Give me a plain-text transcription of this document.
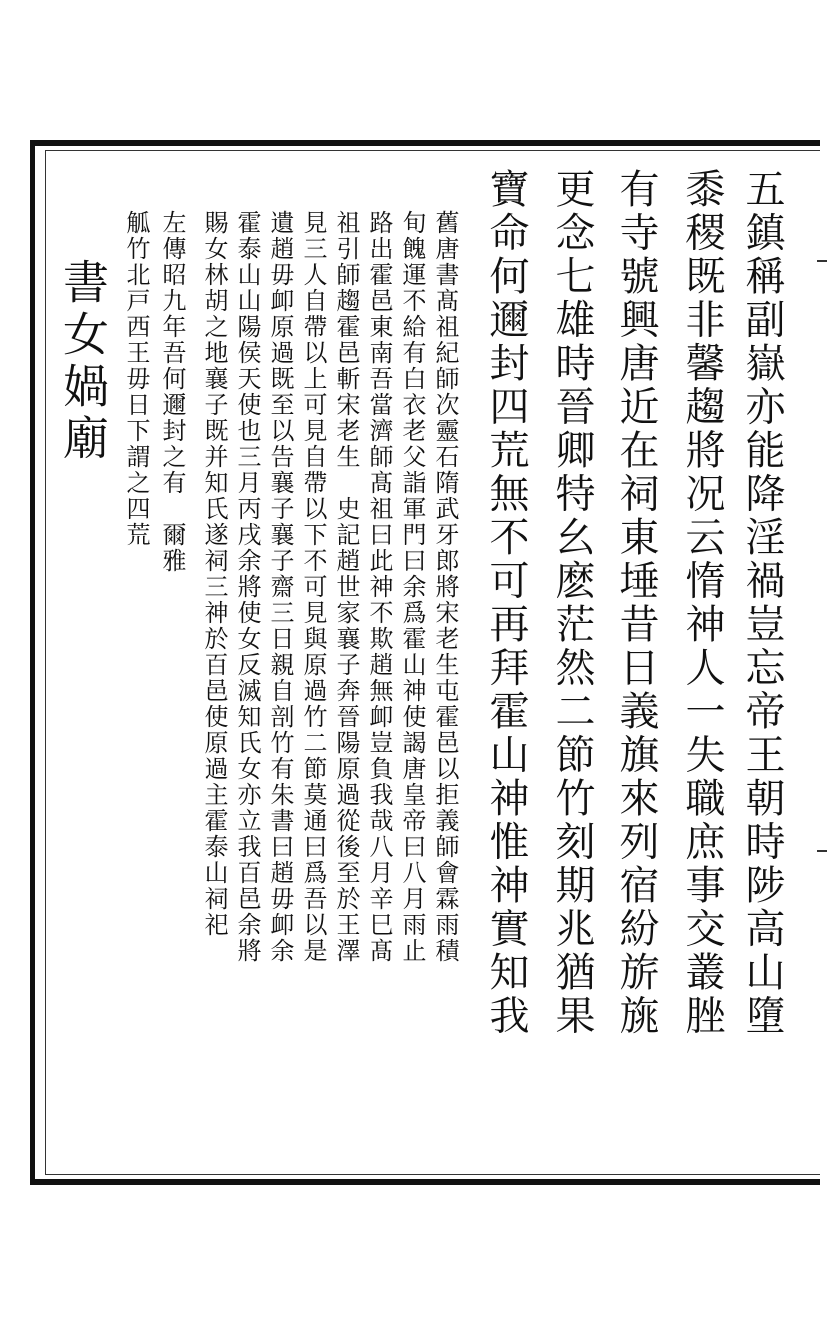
五鎮稱副嶽亦能降淫禍豈忘帝王朝時陟高山墮
黍稷既非馨趨將况云惰神人一失職庶事交叢脞
有寺號興唐近在祠東埵昔日義旗來列宿紛旂旐
更念七雄時晉卿特幺麽茫然二節竹刻期兆猶果
寶命何邇封四荒無不可再拜霍山神惟神實知我
舊唐書髙祖紀師次靈石隋武牙郎將宋老生屯霍邑以拒義師會霖雨積
旬餽運不給有白衣老父詣軍門曰余爲霍山神使謁唐皇帝曰八月雨止
路出霍邑東南吾當濟師髙祖曰此神不欺趙無卹豈負我哉八月辛巳髙
祖引師趨霍邑斬宋老生　史記趙世家襄子奔晉陽原過從後至於王澤
見三人自帶以上可見自帶以下不可見與原過竹二節莫通曰爲吾以是
遺趙毋卹原過既至以告襄子襄子齋三日親自剖竹有朱書曰趙毋卹余
霍泰山山陽侯天使也三月丙戌余將使女反滅知氏女亦立我百邑余將
賜女林胡之地襄子既并知氏遂祠三神於百邑使原過主霍泰山祠祀
左傳昭九年吾何邇封之有　爾雅
觚竹北戸西王毋日下謂之四荒
書女媧廟
